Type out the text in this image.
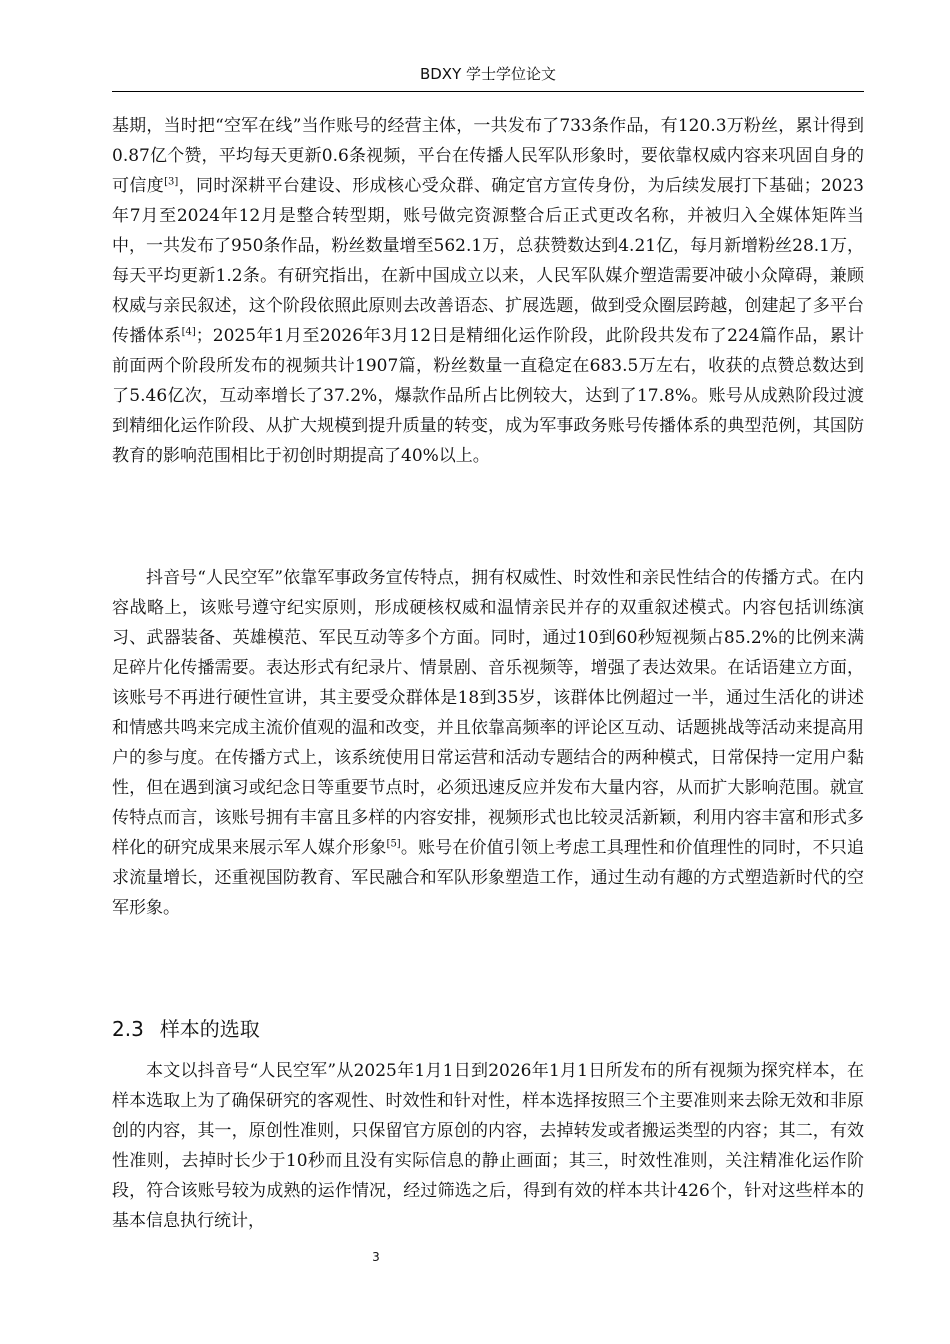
BDXY 学士学位论文

基期，当时把“空军在线”当作账号的经营主体，一共发布了733条作品，有120.3万粉丝，累计得到0.87亿个赞，平均每天更新0.6条视频，平台在传播人民军队形象时，要依靠权威内容来巩固自身的可信度[3]，同时深耕平台建设、形成核心受众群、确定官方宣传身份，为后续发展打下基础；2023年7月至2024年12月是整合转型期，账号做完资源整合后正式更改名称，并被归入全媒体矩阵当中，一共发布了950条作品，粉丝数量增至562.1万，总获赞数达到4.21亿，每月新增粉丝28.1万，每天平均更新1.2条。有研究指出，在新中国成立以来，人民军队媒介塑造需要冲破小众障碍，兼顾权威与亲民叙述，这个阶段依照此原则去改善语态、扩展选题，做到受众圈层跨越，创建起了多平台传播体系[4]；2025年1月至2026年3月12日是精细化运作阶段，此阶段共发布了224篇作品，累计前面两个阶段所发布的视频共计1907篇，粉丝数量一直稳定在683.5万左右，收获的点赞总数达到了5.46亿次，互动率增长了37.2%，爆款作品所占比例较大，达到了17.8%。账号从成熟阶段过渡到精细化运作阶段、从扩大规模到提升质量的转变，成为军事政务账号传播体系的典型范例，其国防教育的影响范围相比于初创时期提高了40%以上。

抖音号“人民空军”依靠军事政务宣传特点，拥有权威性、时效性和亲民性结合的传播方式。在内容战略上，该账号遵守纪实原则，形成硬核权威和温情亲民并存的双重叙述模式。内容包括训练演习、武器装备、英雄模范、军民互动等多个方面。同时，通过10到60秒短视频占85.2%的比例来满足碎片化传播需要。表达形式有纪录片、情景剧、音乐视频等，增强了表达效果。在话语建立方面，该账号不再进行硬性宣讲，其主要受众群体是18到35岁，该群体比例超过一半，通过生活化的讲述和情感共鸣来完成主流价值观的温和改变，并且依靠高频率的评论区互动、话题挑战等活动来提高用户的参与度。在传播方式上，该系统使用日常运营和活动专题结合的两种模式，日常保持一定用户黏性，但在遇到演习或纪念日等重要节点时，必须迅速反应并发布大量内容，从而扩大影响范围。就宣传特点而言，该账号拥有丰富且多样的内容安排，视频形式也比较灵活新颖，利用内容丰富和形式多样化的研究成果来展示军人媒介形象[5]。账号在价值引领上考虑工具理性和价值理性的同时，不只追求流量增长，还重视国防教育、军民融合和军队形象塑造工作，通过生动有趣的方式塑造新时代的空军形象。

2.3 样本的选取

本文以抖音号“人民空军”从2025年1月1日到2026年1月1日所发布的所有视频为探究样本，在样本选取上为了确保研究的客观性、时效性和针对性，样本选择按照三个主要准则来去除无效和非原创的内容，其一，原创性准则，只保留官方原创的内容，去掉转发或者搬运类型的内容；其二，有效性准则，去掉时长少于10秒而且没有实际信息的静止画面；其三，时效性准则，关注精准化运作阶段，符合该账号较为成熟的运作情况，经过筛选之后，得到有效的样本共计426个，针对这些样本的基本信息执行统计，

3
